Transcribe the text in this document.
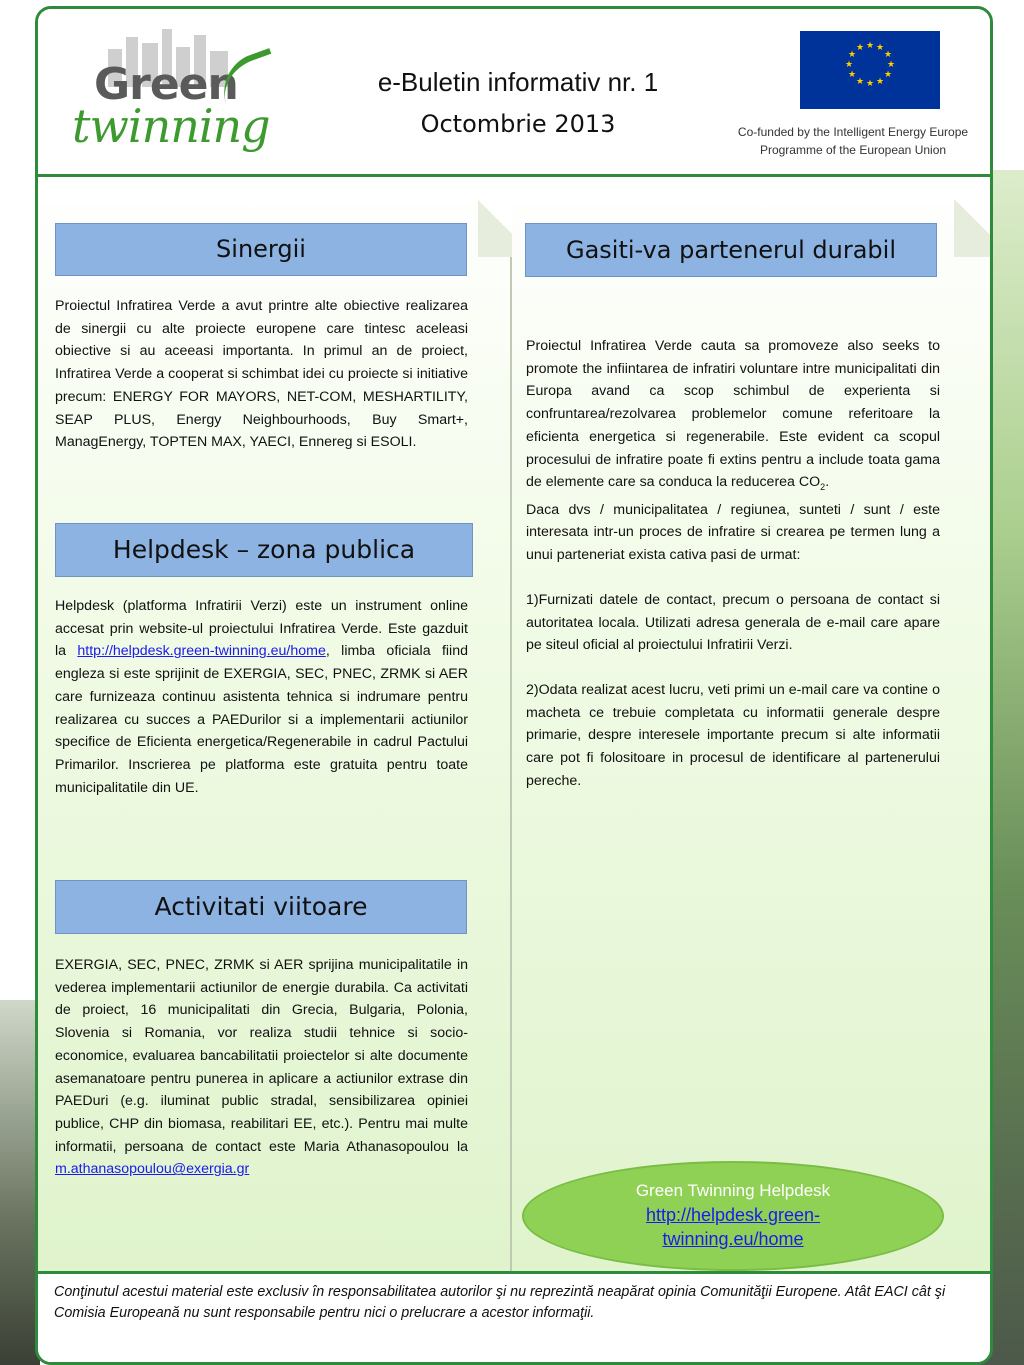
Green
twinning
e-Buletin informativ nr. 1
Octombrie 2013
★ ★
★
★
★
★
★
★
★
★
★
★
Co-funded by the Intelligent Energy Europe
Programme of the European Union
Sinergii
Proiectul Infratirea Verde a avut printre alte obiective realizarea de sinergii cu alte proiecte europene care tintesc aceleasi obiective si au aceeasi importanta. In primul an de proiect, Infratirea Verde a cooperat si schimbat idei cu proiecte si initiative precum: ENERGY FOR MAYORS, NET-COM, MESHARTILITY, SEAP PLUS, Energy Neighbourhoods, Buy Smart+, ManagEnergy, TOPTEN MAX, YAECI, Ennereg si ESOLI.
Helpdesk – zona publica
Helpdesk (platforma Infratirii Verzi) este un instrument online accesat prin website-ul proiectului Infratirea Verde. Este gazduit la http://helpdesk.green-twinning.eu/home, limba oficiala fiind engleza si este sprijinit de EXERGIA, SEC, PNEC, ZRMK si AER care furnizeaza continuu asistenta tehnica si indrumare pentru realizarea cu succes a PAEDurilor si a implementarii actiunilor specifice de Eficienta energetica/Regenerabile in cadrul Pactului Primarilor. Inscrierea pe platforma este gratuita pentru toate municipalitatile din UE.
Activitati viitoare
EXERGIA, SEC, PNEC, ZRMK si AER sprijina municipalitatile in vederea implementarii actiunilor de energie durabila. Ca activitati de proiect, 16 municipalitati din Grecia, Bulgaria, Polonia, Slovenia si Romania, vor realiza studii tehnice si socio-economice, evaluarea bancabilitatii proiectelor si alte documente asemanatoare pentru punerea in aplicare a actiunilor extrase din PAEDuri (e.g. iluminat public stradal, sensibilizarea opiniei publice, CHP din biomasa, reabilitari EE, etc.). Pentru mai multe informatii, persoana de contact este Maria Athanasopoulou la m.athanasopoulou@exergia.gr
Gasiti-va partenerul durabil
Proiectul Infratirea Verde cauta sa promoveze also seeks to promote the infiintarea de infratiri voluntare intre municipalitati din Europa avand ca scop schimbul de experienta si confruntarea/rezolvarea problemelor comune referitoare la eficienta energetica si regenerabile. Este evident ca scopul procesului de infratire poate fi extins pentru a include toata gama de elemente care sa conduca la reducerea $CO_2$.
Daca dvs / municipalitatea / regiunea, sunteti / sunt / este interesata intr-un proces de infratire si crearea pe termen lung a unui parteneriat exista cativa pasi de urmat:
1)Furnizati datele de contact, precum o persoana de contact si autoritatea locala. Utilizati adresa generala de e-mail care apare pe siteul oficial al proiectului Infratirii Verzi.
2)Odata realizat acest lucru, veti primi un e-mail care va contine o macheta ce trebuie completata cu informatii generale despre primarie, despre interesele importante precum si alte informatii care pot fi folositoare in procesul de identificare al partenerului pereche.
Green Twinning Helpdesk
http://helpdesk.green-
twinning.eu/home

Conţinutul acestui material este exclusiv în responsabilitatea autorilor şi nu reprezintă neapărat opinia Comunităţii Europene. Atât EACI cât şi Comisia Europeană nu sunt responsabile pentru nici o prelucrare a acestor informaţii.
